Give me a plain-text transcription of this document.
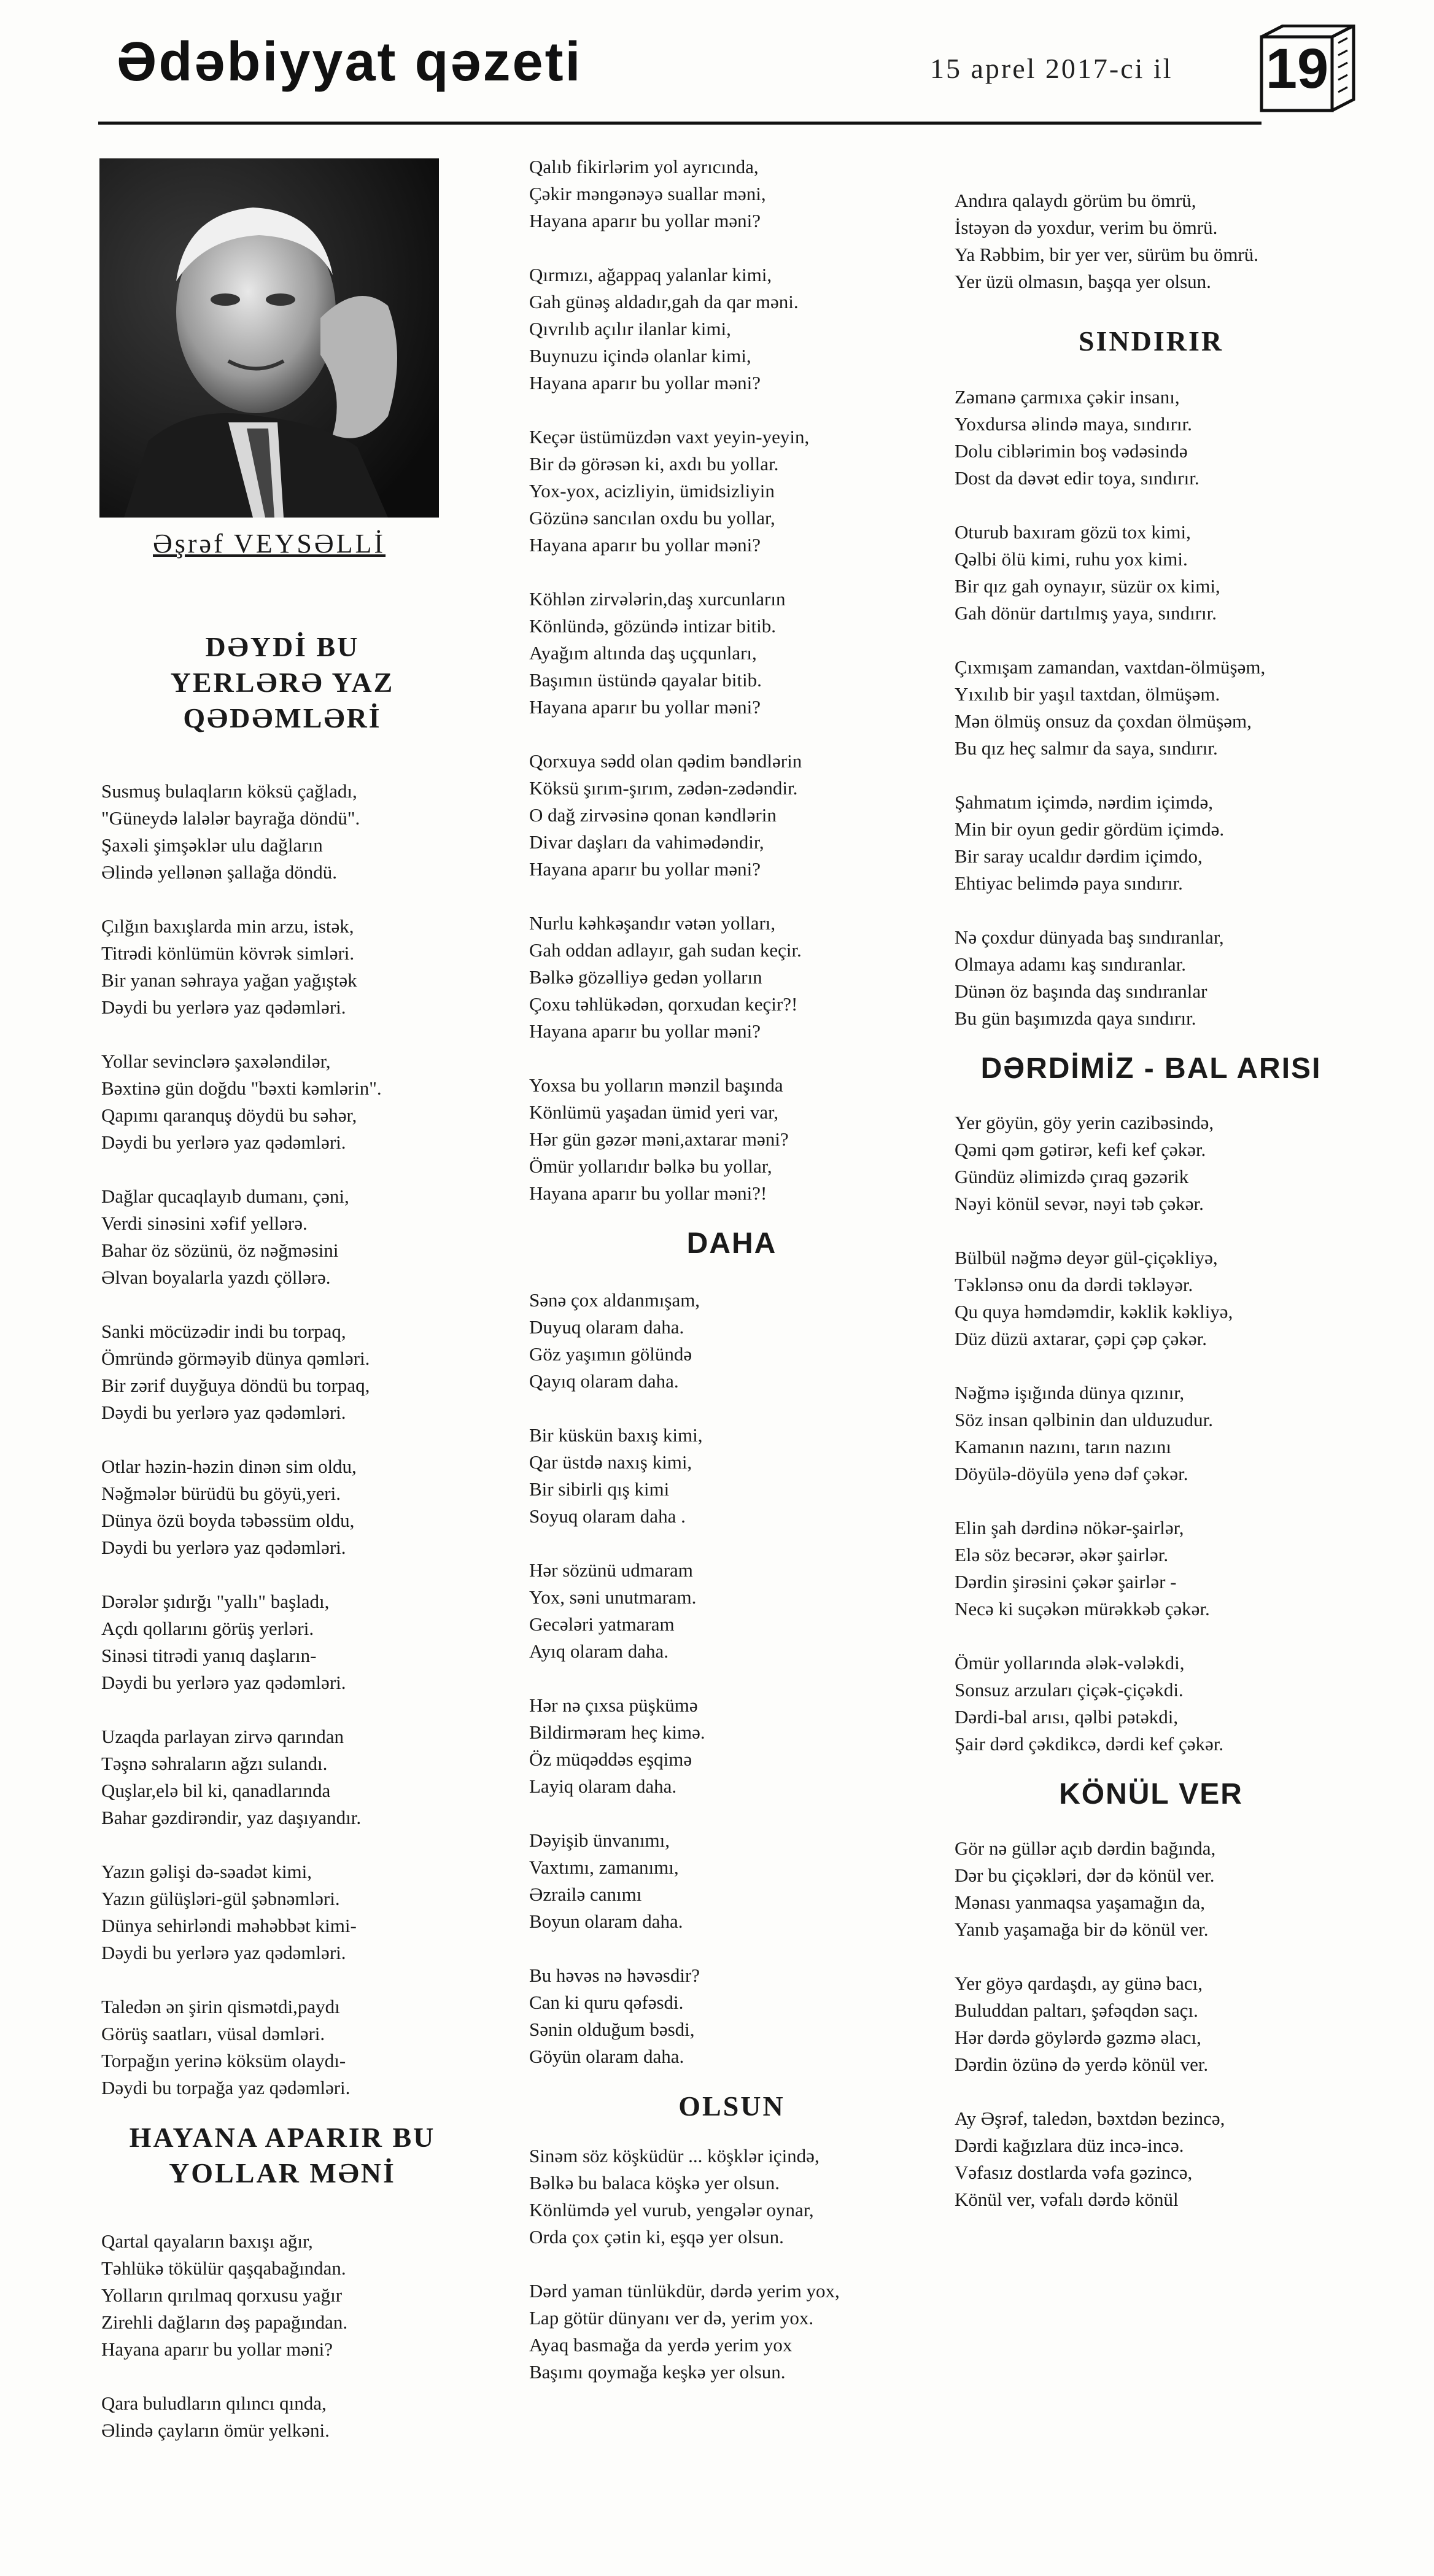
Ədəbiyyat qəzeti	15 aprel 2017-ci il 19
Əşrəf VEYSƏLLİ

DƏYDİ BU YERLƏRƏ YAZ QƏDƏMLƏRİ

Susmuş bulaqların köksü çağladı,

"Güneydə lalələr bayrağa döndü".

Şaxəli şimşəklər ulu dağların

Əlində yellənən şallağa döndü.

Çılğın baxışlarda min arzu, istək,

Titrədi könlümün kövrək simləri.

Bir yanan səhraya yağan yağıştək

Dəydi bu yerlərə yaz qədəmləri.

Yollar sevinclərə şaxələndilər,

Bəxtinə gün doğdu "bəxti kəmlərin".

Qapımı qaranquş döydü bu səhər,

Dəydi bu yerlərə yaz qədəmləri.

Dağlar qucaqlayıb dumanı, çəni,

Verdi sinəsini xəfif yellərə.

Bahar öz sözünü, öz nəğməsini

Əlvan boyalarla yazdı çöllərə.

Sanki möcüzədir indi bu torpaq,

Ömründə görməyib dünya qəmləri.

Bir zərif duyğuya döndü bu torpaq,

Dəydi bu yerlərə yaz qədəmləri.

Otlar həzin-həzin dinən sim oldu,

Nəğmələr bürüdü bu göyü,yeri.

Dünya özü boyda təbəssüm oldu,

Dəydi bu yerlərə yaz qədəmləri.

Dərələr şıdırğı "yallı" başladı,

Açdı qollarını görüş yerləri.

Sinəsi titrədi yanıq daşların-

Dəydi bu yerlərə yaz qədəmləri.

Uzaqda parlayan zirvə qarından

Təşnə səhraların ağzı sulandı.

Quşlar,elə bil ki, qanadlarında

Bahar gəzdirəndir, yaz daşıyandır.

Yazın gəlişi də-səadət kimi,

Yazın gülüşləri-gül şəbnəmləri.

Dünya sehirləndi məhəbbət kimi-

Dəydi bu yerlərə yaz qədəmləri.

Taledən ən şirin qismətdi,paydı

Görüş saatları, vüsal dəmləri.

Torpağın yerinə köksüm olaydı-

Dəydi bu torpağa yaz qədəmləri.

HAYANA APARIR BU YOLLAR MƏNİ

Qartal qayaların baxışı ağır,

Təhlükə tökülür qaşqabağından.

Yolların qırılmaq qorxusu yağır

Zirehli dağların dəş papağından.

Hayana aparır bu yollar məni?

Qara buludların qılıncı qında,

Əlində çayların ömür yelkəni.

Qalıb fikirlərim yol ayrıcında,

Çəkir məngənəyə suallar məni,

Hayana aparır bu yollar məni?

Qırmızı, ağappaq yalanlar kimi,

Gah günəş aldadır,gah da qar məni.

Qıvrılıb açılır ilanlar kimi,

Buynuzu içində olanlar kimi,

Hayana aparır bu yollar məni?

Keçər üstümüzdən vaxt yeyin-yeyin,

Bir də görəsən ki, axdı bu yollar.

Yox-yox, acizliyin, ümidsizliyin

Gözünə sancılan oxdu bu yollar,

Hayana aparır bu yollar məni?

Köhlən zirvələrin,daş xurcunların

Könlündə, gözündə intizar bitib.

Ayağım altında daş uçqunları,

Başımın üstündə qayalar bitib.

Hayana aparır bu yollar məni?

Qorxuya sədd olan qədim bəndlərin

Köksü şırım-şırım, zədən-zədəndir.

O dağ zirvəsinə qonan kəndlərin

Divar daşları da vahimədəndir,

Hayana aparır bu yollar məni?

Nurlu kəhkəşandır vətən yolları,

Gah oddan adlayır, gah sudan keçir.

Bəlkə gözəlliyə gedən yolların

Çoxu təhlükədən, qorxudan keçir?!

Hayana aparır bu yollar məni?

Yoxsa bu yolların mənzil başında

Könlümü yaşadan ümid yeri var,

Hər gün gəzər məni,axtarar məni?

Ömür yollarıdır bəlkə bu yollar,

Hayana aparır bu yollar məni?!

DAHA

Sənə çox aldanmışam,

Duyuq olaram daha.

Göz yaşımın gölündə

Qayıq olaram daha.

Bir küskün baxış kimi,

Qar üstdə naxış kimi,

Bir sibirli qış kimi

Soyuq olaram daha .

Hər sözünü udmaram

Yox, səni unutmaram.

Gecələri yatmaram

Ayıq olaram daha.

Hər nə çıxsa püşkümə

Bildirməram heç kimə.

Öz müqəddəs eşqimə

Layiq olaram daha.

Dəyişib ünvanımı,

Vaxtımı, zamanımı,

Əzrailə canımı

Boyun olaram daha.

Bu həvəs nə həvəsdir?

Can ki quru qəfəsdi.

Sənin olduğum bəsdi,

Göyün olaram daha.

OLSUN

Sinəm söz köşküdür ... köşklər içində,

Bəlkə bu balaca köşkə yer olsun.

Könlümdə yel vurub, yengələr oynar,

Orda çox çətin ki, eşqə yer olsun.

Dərd yaman tünlükdür, dərdə yerim yox,

Lap götür dünyanı ver də, yerim yox.

Ayaq basmağa da yerdə yerim yox

Başımı qoymağa keşkə yer olsun.

Andıra qalaydı görüm bu ömrü,

İstəyən də yoxdur, verim bu ömrü.

Ya Rəbbim, bir yer ver, sürüm bu ömrü.

Yer üzü olmasın, başqa yer olsun.

SINDIRIR

Zəmanə çarmıxa çəkir insanı,

Yoxdursa əlində maya, sındırır.

Dolu ciblərimin boş vədəsində

Dost da dəvət edir toya, sındırır.

Oturub baxıram gözü tox kimi,

Qəlbi ölü kimi, ruhu yox kimi.

Bir qız gah oynayır, süzür ox kimi,

Gah dönür dartılmış yaya, sındırır.

Çıxmışam zamandan, vaxtdan-ölmüşəm,

Yıxılıb bir yaşıl taxtdan, ölmüşəm.

Mən ölmüş onsuz da çoxdan ölmüşəm,

Bu qız heç salmır da saya, sındırır.

Şahmatım içimdə, nərdim içimdə,

Min bir oyun gedir gördüm içimdə.

Bir saray ucaldır dərdim içimdo,

Ehtiyac belimdə paya sındırır.

Nə çoxdur dünyada baş sındıranlar,

Olmaya adamı kaş sındıranlar.

Dünən öz başında daş sındıranlar

Bu gün başımızda qaya sındırır.

DƏRDİMİZ - BAL ARISI

Yer göyün, göy yerin cazibəsində,

Qəmi qəm gətirər, kefi kef çəkər.

Gündüz əlimizdə çıraq gəzərik

Nəyi könül sevər, nəyi təb çəkər.

Bülbül nəğmə deyər gül-çiçəkliyə,

Təklənsə onu da dərdi təkləyər.

Qu quya həmdəmdir, kəklik kəkliyə,

Düz düzü axtarar, çəpi çəp çəkər.

Nəğmə işığında dünya qızınır,

Söz insan qəlbinin dan ulduzudur.

Kamanın nazını, tarın nazını

Döyülə-döyülə yenə dəf çəkər.

Elin şah dərdinə nökər-şairlər,

Elə söz becərər, əkər şairlər.

Dərdin şirəsini çəkər şairlər -

Necə ki suçəkən mürəkkəb çəkər.

Ömür yollarında ələk-vələkdi,

Sonsuz arzuları çiçək-çiçəkdi.

Dərdi-bal arısı, qəlbi pətəkdi,

Şair dərd çəkdikcə, dərdi kef çəkər.

KÖNÜL VER

Gör nə güllər açıb dərdin bağında,

Dər bu çiçəkləri, dər də könül ver.

Mənası yanmaqsa yaşamağın da,

Yanıb yaşamağa bir də könül ver.

Yer göyə qardaşdı, ay günə bacı,

Buluddan paltarı, şəfəqdən saçı.

Hər dərdə göylərdə gəzmə əlacı,

Dərdin özünə də yerdə könül ver.

Ay Əşrəf, taledən, bəxtdən bezincə,

Dərdi kağızlara düz incə-incə.

Vəfasız dostlarda vəfa gəzincə,

Könül ver, vəfalı dərdə könül
